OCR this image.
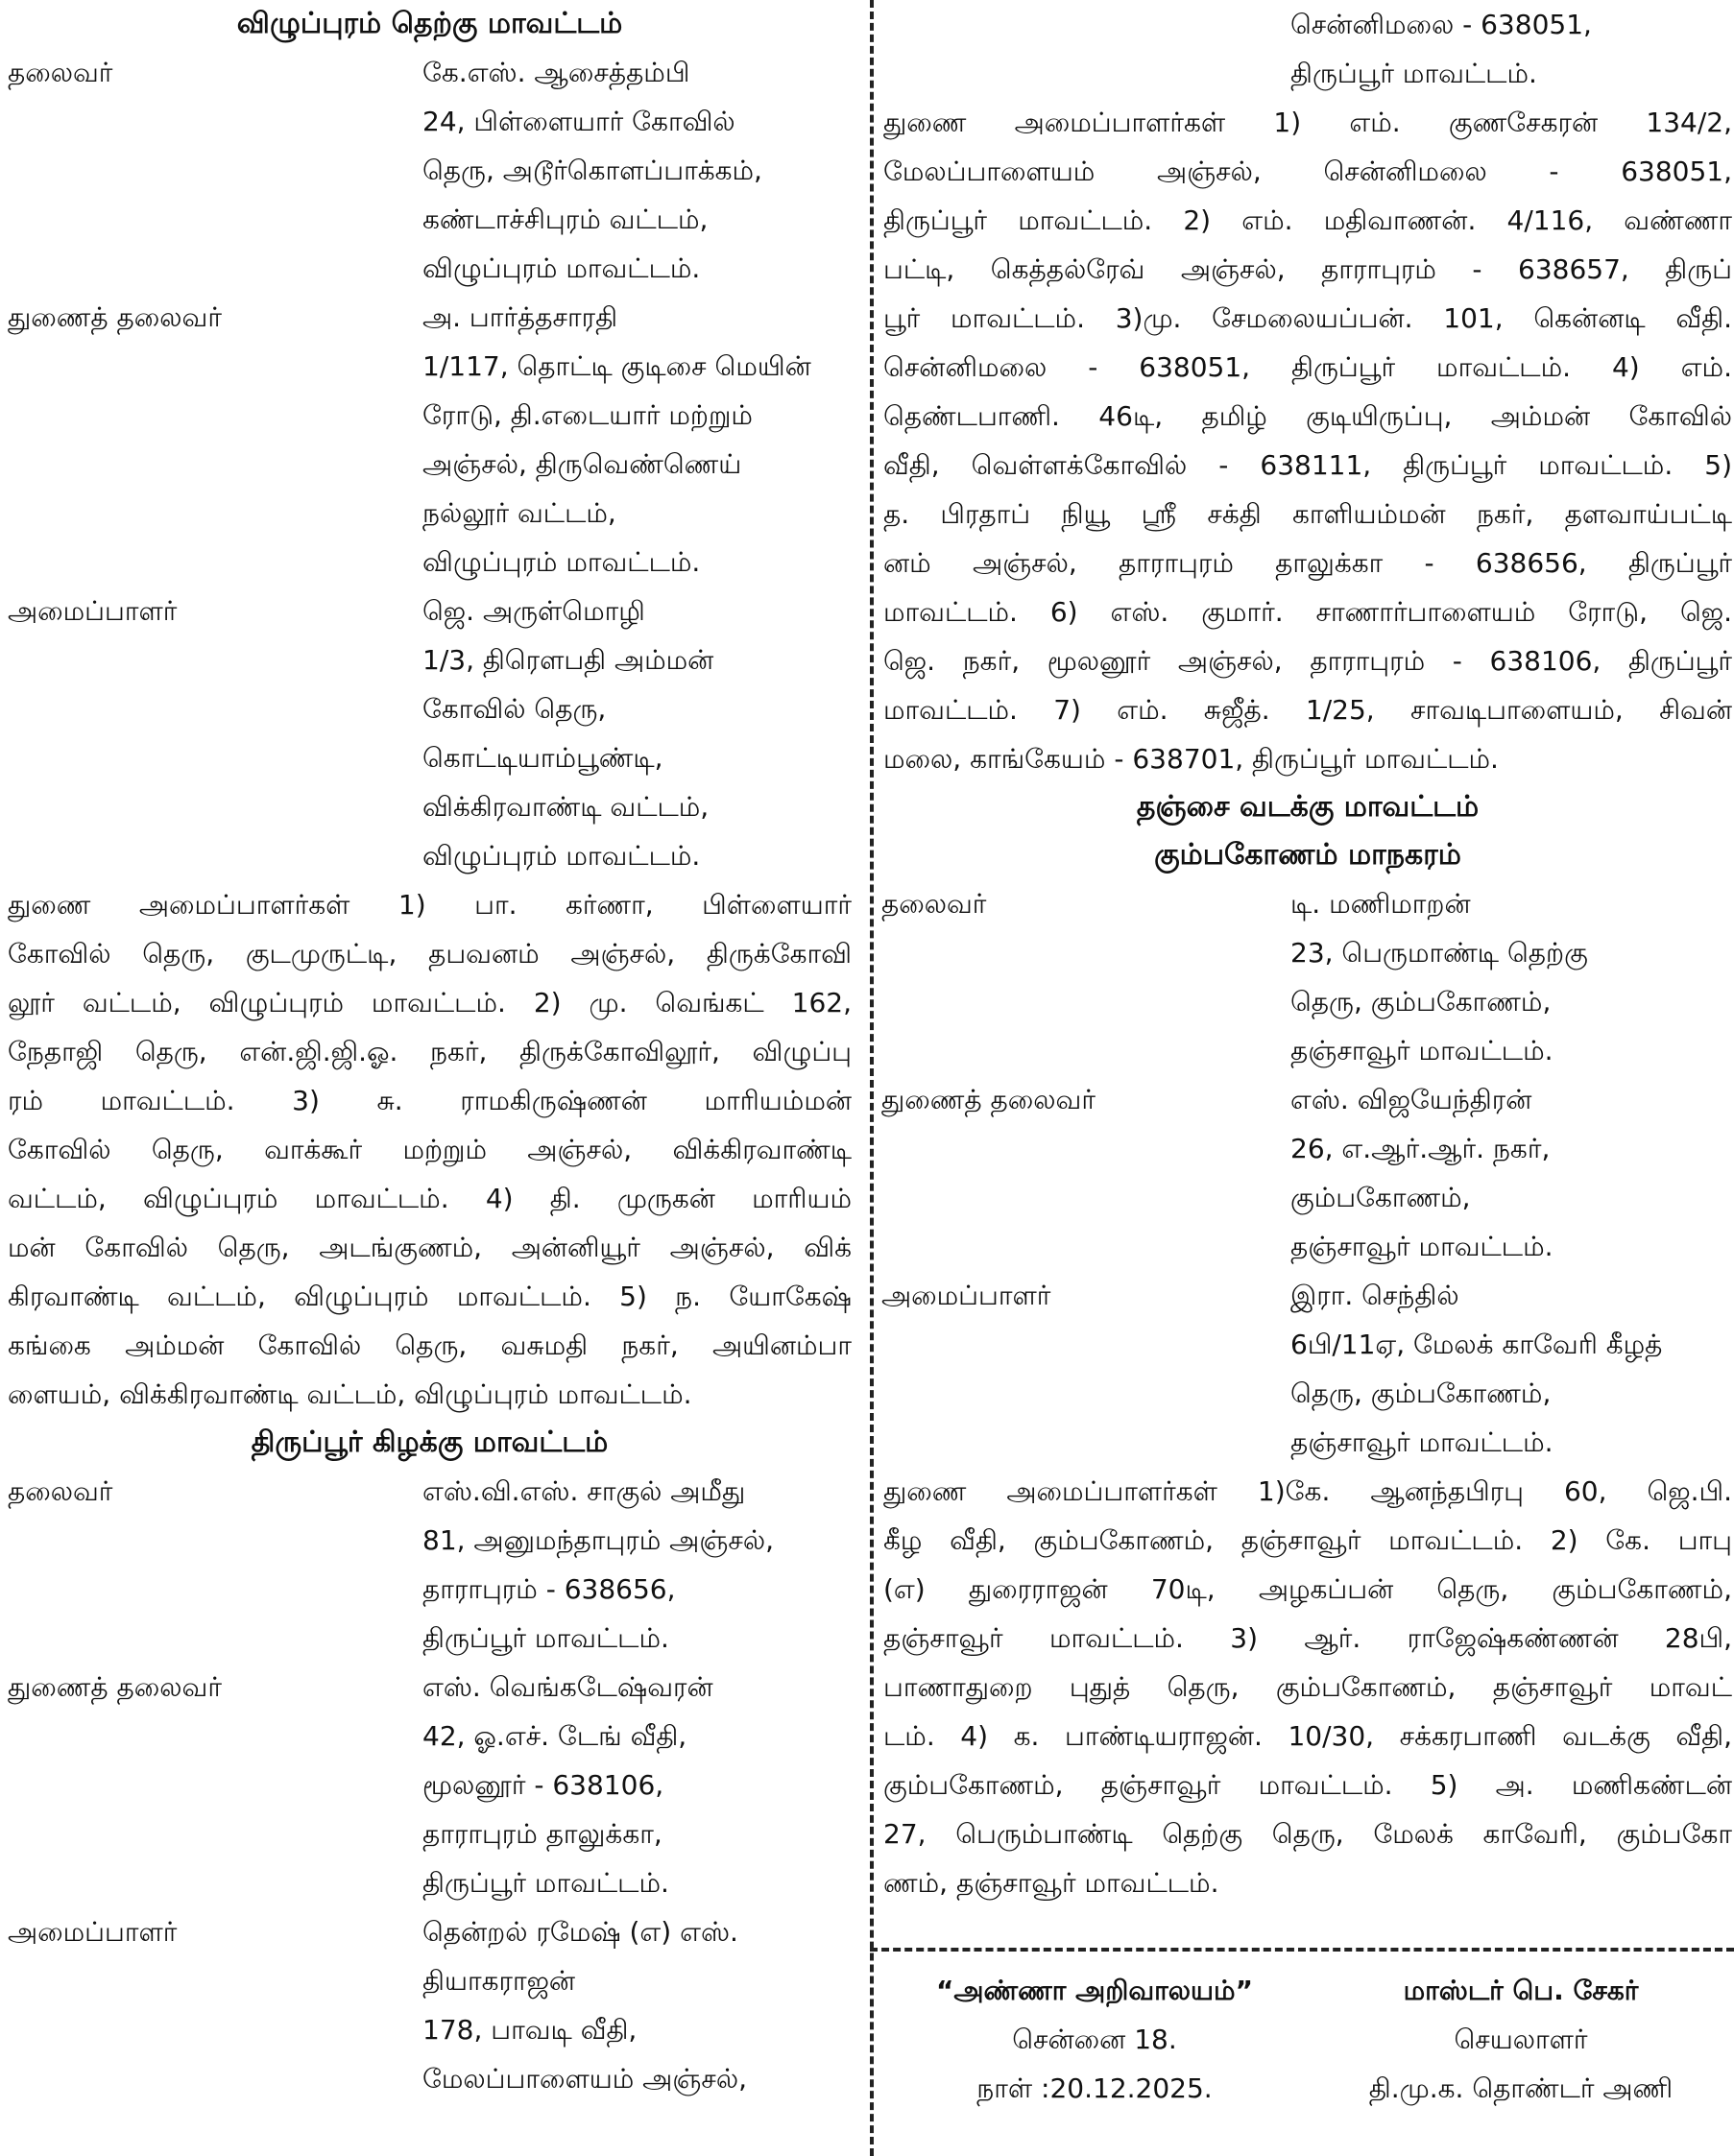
விழுப்புரம் தெற்கு மாவட்டம்
தலைவர்	கே.எஸ். ஆசைத்தம்பி
24, பிள்ளையார் கோவில்
தெரு, அடூர்கொளப்பாக்கம்,
கண்டாச்சிபுரம் வட்டம்,
விழுப்புரம் மாவட்டம்.
துணைத் தலைவர்	அ. பார்த்தசாரதி
1/117, தொட்டி குடிசை மெயின்
ரோடு, தி.எடையார் மற்றும்
அஞ்சல், திருவெண்ணெய்
நல்லூர் வட்டம்,
விழுப்புரம் மாவட்டம்.
அமைப்பாளர்	ஜெ. அருள்மொழி
1/3, திரௌபதி அம்மன்
கோவில் தெரு,
கொட்டியாம்பூண்டி,
விக்கிரவாண்டி வட்டம்,
விழுப்புரம் மாவட்டம்.
துணை அமைப்பாளர்கள் 1) பா. கர்ணா, பிள்ளையார்
கோவில் தெரு, குடமுருட்டி, தபவனம் அஞ்சல், திருக்கோவி
லூர் வட்டம், விழுப்புரம் மாவட்டம். 2) மு. வெங்கட் 162,
நேதாஜி தெரு, என்.ஜி.ஜி.ஓ. நகர், திருக்கோவிலூர், விழுப்பு
ரம் மாவட்டம். 3) சு. ராமகிருஷ்ணன் மாரியம்மன்
கோவில் தெரு, வாக்கூர் மற்றும் அஞ்சல், விக்கிரவாண்டி
வட்டம், விழுப்புரம் மாவட்டம். 4) தி. முருகன் மாரியம்
மன் கோவில் தெரு, அடங்குணம், அன்னியூர் அஞ்சல், விக்
கிரவாண்டி வட்டம், விழுப்புரம் மாவட்டம். 5) ந. யோகேஷ்
கங்கை அம்மன் கோவில் தெரு, வசுமதி நகர், அயினம்பா
ளையம், விக்கிரவாண்டி வட்டம், விழுப்புரம் மாவட்டம்.
திருப்பூர் கிழக்கு மாவட்டம்
தலைவர்	எஸ்.வி.எஸ். சாகுல் அமீது
81, அனுமந்தாபுரம் அஞ்சல்,
தாராபுரம் - 638656,
திருப்பூர் மாவட்டம்.
துணைத் தலைவர்	எஸ். வெங்கடேஷ்வரன்
42, ஓ.எச். டேங் வீதி,
மூலனூர் - 638106,
தாராபுரம் தாலுக்கா,
திருப்பூர் மாவட்டம்.
அமைப்பாளர்	தென்றல் ரமேஷ் (எ) எஸ்.
தியாகராஜன்
178, பாவடி வீதி,
மேலப்பாளையம் அஞ்சல்,
சென்னிமலை - 638051,
திருப்பூர் மாவட்டம்.
துணை அமைப்பாளர்கள் 1) எம். குணசேகரன் 134/2,
மேலப்பாளையம் அஞ்சல், சென்னிமலை - 638051,
திருப்பூர் மாவட்டம். 2) எம். மதிவாணன். 4/116, வண்ணா
பட்டி, கெத்தல்ரேவ் அஞ்சல், தாராபுரம் - 638657, திருப்
பூர் மாவட்டம். 3)மு. சேமலையப்பன். 101, கென்னடி வீதி.
சென்னிமலை - 638051, திருப்பூர் மாவட்டம். 4) எம்.
தெண்டபாணி. 46டி, தமிழ் குடியிருப்பு, அம்மன் கோவில்
வீதி, வெள்ளக்கோவில் - 638111, திருப்பூர் மாவட்டம். 5)
த. பிரதாப் நியூ ஸ்ரீ சக்தி காளியம்மன் நகர், தளவாய்பட்டி
னம் அஞ்சல், தாராபுரம் தாலுக்கா - 638656, திருப்பூர்
மாவட்டம். 6) எஸ். குமார். சாணார்பாளையம் ரோடு, ஜெ.
ஜெ. நகர், மூலனூர் அஞ்சல், தாராபுரம் - 638106, திருப்பூர்
மாவட்டம். 7) எம். சுஜீத். 1/25, சாவடிபாளையம், சிவன்
மலை, காங்கேயம் - 638701, திருப்பூர் மாவட்டம்.
தஞ்சை வடக்கு மாவட்டம்
கும்பகோணம் மாநகரம்
தலைவர்	டி. மணிமாறன்
23, பெருமாண்டி தெற்கு
தெரு, கும்பகோணம்,
தஞ்சாவூர் மாவட்டம்.
துணைத் தலைவர்	எஸ். விஜயேந்திரன்
26, எ.ஆர்.ஆர். நகர்,
கும்பகோணம்,
தஞ்சாவூர் மாவட்டம்.
அமைப்பாளர்	இரா. செந்தில்
6பி/11ஏ, மேலக் காவேரி கீழத்
தெரு, கும்பகோணம்,
தஞ்சாவூர் மாவட்டம்.
துணை அமைப்பாளர்கள் 1)கே. ஆனந்தபிரபு 60, ஜெ.பி.
கீழ வீதி, கும்பகோணம், தஞ்சாவூர் மாவட்டம். 2) கே. பாபு
(எ) துரைராஜன் 70டி, அழகப்பன் தெரு, கும்பகோணம்,
தஞ்சாவூர் மாவட்டம். 3) ஆர். ராஜேஷ்கண்ணன் 28பி,
பாணாதுறை புதுத் தெரு, கும்பகோணம், தஞ்சாவூர் மாவட்
டம். 4) க. பாண்டியராஜன். 10/30, சக்கரபாணி வடக்கு வீதி,
கும்பகோணம், தஞ்சாவூர் மாவட்டம். 5) அ. மணிகண்டன்
27, பெரும்பாண்டி தெற்கு தெரு, மேலக் காவேரி, கும்பகோ
ணம், தஞ்சாவூர் மாவட்டம்.
“அண்ணா அறிவாலயம்”
சென்னை 18.
நாள் :20.12.2025.
மாஸ்டர் பெ. சேகர்
செயலாளர்
தி.மு.க. தொண்டர் அணி
